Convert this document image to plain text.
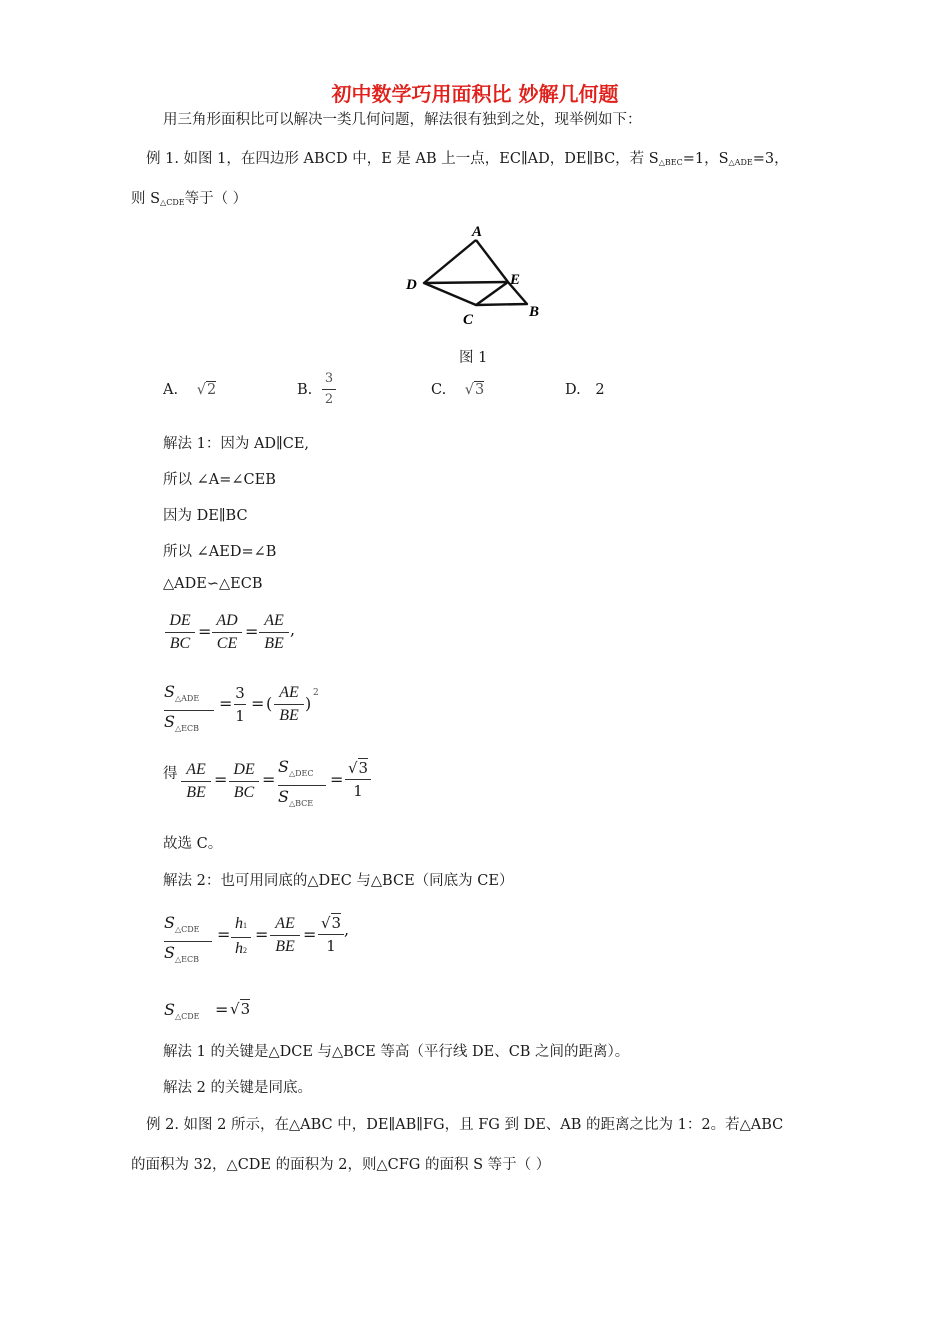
初中数学巧用面积比 妙解几何题
用三角形面积比可以解决一类几何问题，解法很有独到之处，现举例如下：
例 1. 如图 1，在四边形 ABCD 中，E 是 AB 上一点，EC∥AD，DE∥BC，若 $S_{\triangle BEC}=1$，$S_{\triangle ADE}=3$，
则 $S_{\triangle CDE}$等于（ ）
A
D	E
C	B
图 1
A. √2	B.
3
2
C. √3	D. 2
解法 1：因为 AD∥CE,
所以 ∠A=∠CEB
因为 DE∥BC
所以 ∠AED=∠B
△ADE∽△ECB
DE
BC
=
AD
CE
=
AE
BE
,
$S_{\triangle ADE}$
$S_{\triangle ECB}$
=
3
1
= (
AE
BE
)
2
得 AE
BE
=
DE
BC
=
$S_{\triangle DEC}$
$S_{\triangle BCE}$
=
√3
1
故选 C。
解法 2：也可用同底的△DEC 与△BCE（同底为 CE）
$S_{\triangle CDE}$
$S_{\triangle ECB}$
=
h1
h2
=
AE
BE
=
√3
1
,
$S_{\triangle CDE} = √3$
解法 1 的关键是△DCE 与△BCE 等高（平行线 DE、CB 之间的距离）。
解法 2 的关键是同底。
例 2. 如图 2 所示，在△ABC 中，DE∥AB∥FG，且 FG 到 DE、AB 的距离之比为 1：2。若△ABC
的面积为 32，△CDE 的面积为 2，则△CFG 的面积 S 等于（ ）
